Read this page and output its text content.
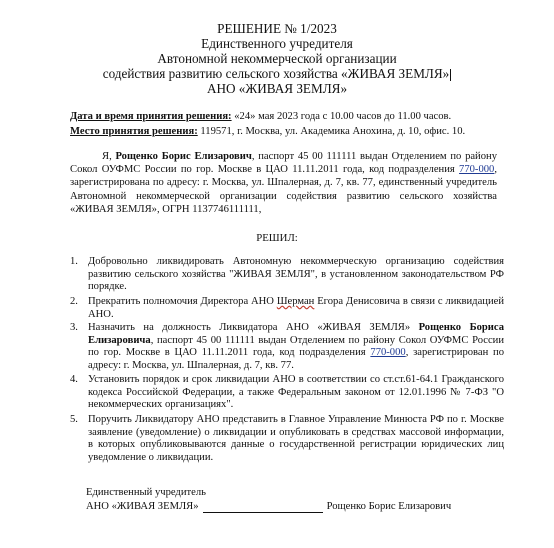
РЕШЕНИЕ № 1/2023
Единственного учредителя
Автономной некоммерческой организации
содействия развитию сельского хозяйства «ЖИВАЯ ЗЕМЛЯ»
АНО «ЖИВАЯ ЗЕМЛЯ»
Дата и время принятия решения: «24» мая 2023 года с 10.00 часов до 11.00 часов.
Место принятия решения: 119571, г. Москва, ул. Академика Анохина, д. 10, офис. 10.
Я, Рощенко Борис Елизарович, паспорт 45 00 111111 выдан Отделением по району Сокол ОУФМС России по гор. Москве в ЦАО 11.11.2011 года, код подразделения 770-000, зарегистрирована по адресу: г. Москва, ул. Шпалерная, д. 7, кв. 77, единственный учредитель Автономной некоммерческой организации содействия развитию сельского хозяйства «ЖИВАЯ ЗЕМЛЯ», ОГРН 1137746111111,
РЕШИЛ:
1. Добровольно ликвидировать Автономную некоммерческую организацию содействия развитию сельского хозяйства "ЖИВАЯ ЗЕМЛЯ", в установленном законодательством РФ порядке.
2. Прекратить полномочия Директора АНО Шерман Егора Денисовича в связи с ликвидацией АНО.
3. Назначить на должность Ликвидатора АНО «ЖИВАЯ ЗЕМЛЯ» Рощенко Бориса Елизаровича, паспорт 45 00 111111 выдан Отделением по району Сокол ОУФМС России по гор. Москве в ЦАО 11.11.2011 года, код подразделения 770-000, зарегистрирован по адресу: г. Москва, ул. Шпалерная, д. 7, кв. 77.
4. Установить порядок и срок ликвидации АНО в соответствии со ст.ст.61-64.1 Гражданского кодекса Российской Федерации, а также Федеральным законом от 12.01.1996 № 7-ФЗ "О некоммерческих организациях".
5. Поручить Ликвидатору АНО представить в Главное Управление Минюста РФ по г. Москве заявление (уведомление) о ликвидации и опубликовать в средствах массовой информации, в которых опубликовываются данные о государственной регистрации юридических лиц уведомление о ликвидации.
Единственный учредитель
АНО «ЖИВАЯ ЗЕМЛЯ»	Рощенко Борис Елизарович
